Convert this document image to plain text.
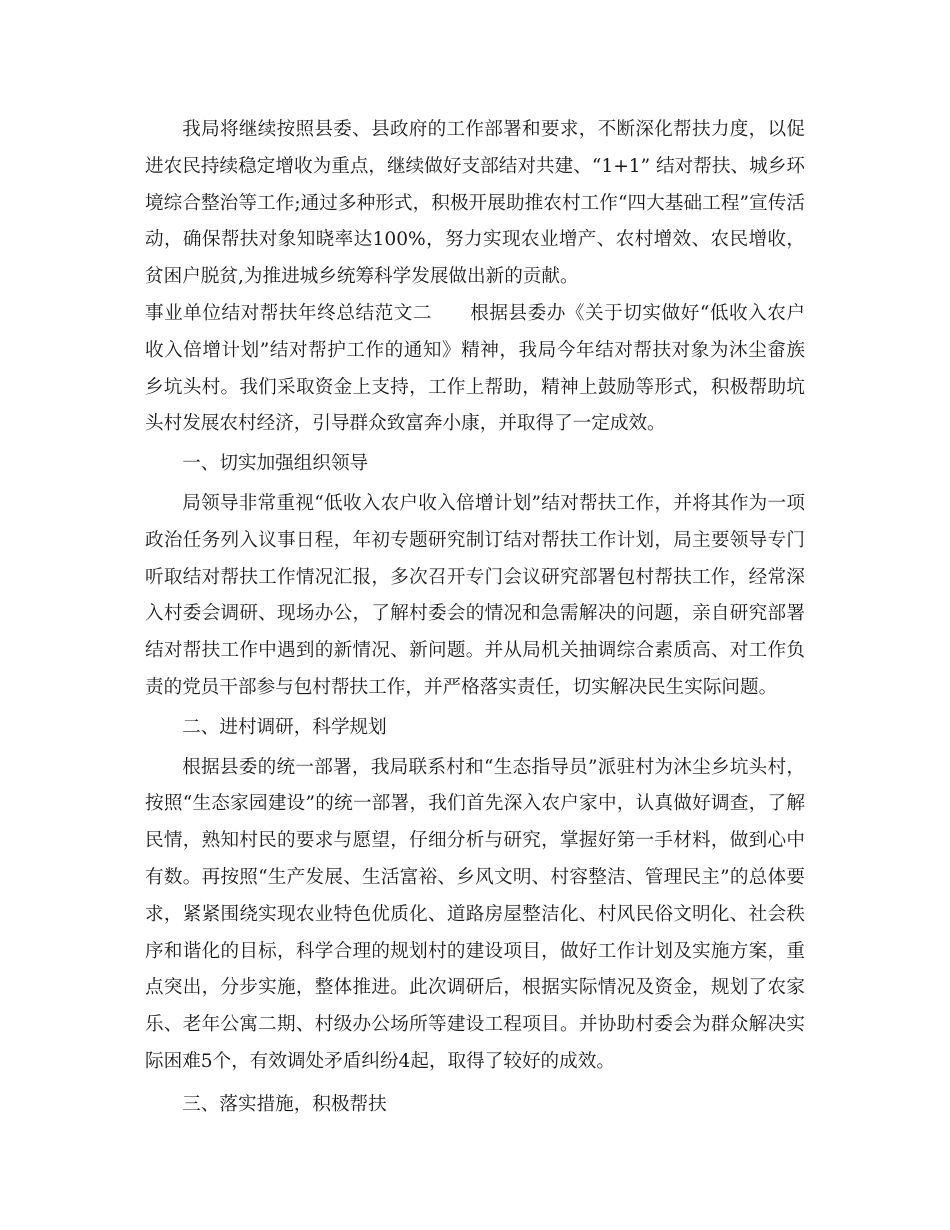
我局将继续按照县委、县政府的工作部署和要求，不断深化帮扶力度，以促进农民持续稳定增收为重点，继续做好支部结对共建、“1+1” 结对帮扶、城乡环境综合整治等工作;通过多种形式，积极开展助推农村工作“四大基础工程”宣传活动，确保帮扶对象知晓率达100%，努力实现农业增产、农村增效、农民增收，贫困户脱贫,为推进城乡统筹科学发展做出新的贡献。

事业单位结对帮扶年终总结范文二　　根据县委办《关于切实做好“低收入农户收入倍增计划”结对帮护工作的通知》精神，我局今年结对帮扶对象为沐尘畲族乡坑头村。我们采取资金上支持，工作上帮助，精神上鼓励等形式，积极帮助坑头村发展农村经济，引导群众致富奔小康，并取得了一定成效。

一、切实加强组织领导

局领导非常重视“低收入农户收入倍增计划”结对帮扶工作，并将其作为一项政治任务列入议事日程，年初专题研究制订结对帮扶工作计划，局主要领导专门听取结对帮扶工作情况汇报，多次召开专门会议研究部署包村帮扶工作，经常深入村委会调研、现场办公，了解村委会的情况和急需解决的问题，亲自研究部署结对帮扶工作中遇到的新情况、新问题。并从局机关抽调综合素质高、对工作负责的党员干部参与包村帮扶工作，并严格落实责任，切实解决民生实际问题。

二、进村调研，科学规划

根据县委的统一部署，我局联系村和“生态指导员”派驻村为沐尘乡坑头村，按照“生态家园建设”的统一部署，我们首先深入农户家中，认真做好调查，了解民情，熟知村民的要求与愿望，仔细分析与研究，掌握好第一手材料，做到心中有数。再按照“生产发展、生活富裕、乡风文明、村容整洁、管理民主”的总体要求，紧紧围绕实现农业特色优质化、道路房屋整洁化、村风民俗文明化、社会秩序和谐化的目标，科学合理的规划村的建设项目，做好工作计划及实施方案，重点突出，分步实施，整体推进。此次调研后，根据实际情况及资金，规划了农家乐、老年公寓二期、村级办公场所等建设工程项目。并协助村委会为群众解决实际困难5个，有效调处矛盾纠纷4起，取得了较好的成效。

三、落实措施，积极帮扶
